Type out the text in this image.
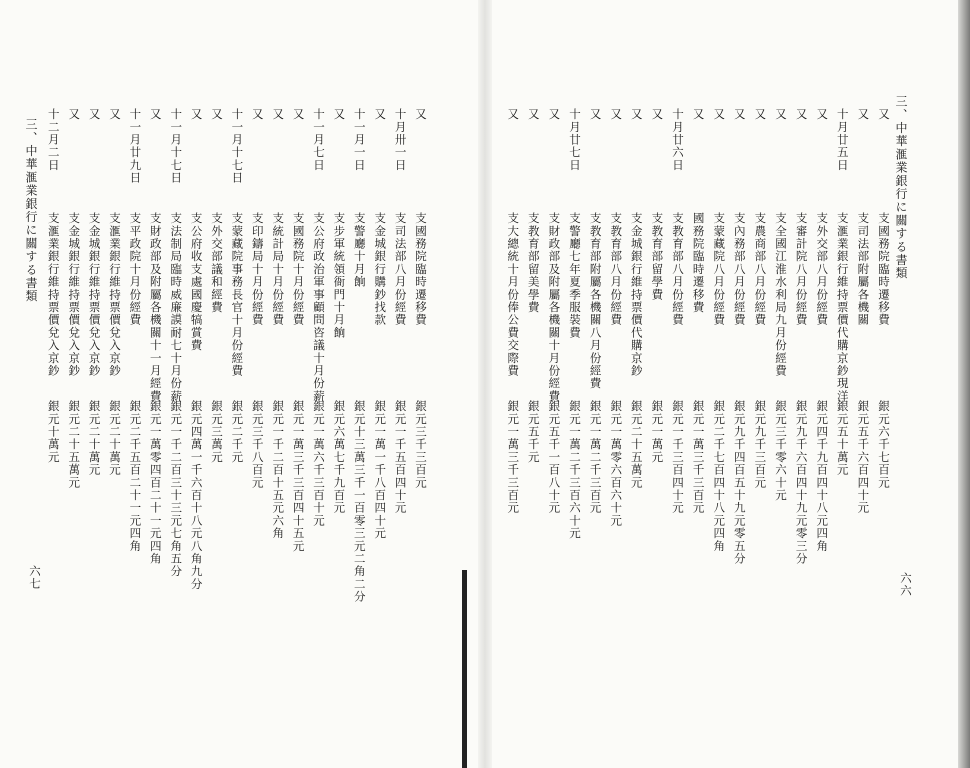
三、中華滙業銀行に關する書類
六六
又
支國務院臨時遷移費
銀元六千七百元
又
支司法部附屬各機關
銀元五千六百四十元
十月廿五日
支滙業銀行維持票價代購京鈔現洋
銀元五十萬元
又
支外交部八月份經費
銀元四千九百四十八元四角
又
支審計院八月份經費
銀元九千六百四十九元零三分
又
支全國江淮水利局九月份經費
銀元三千零六十元
又
支農商部八月份經費
銀元九千三百元
又
支內務部八月份經費
銀元九千四百五十九元零五分
又
支蒙藏院八月份經費
銀元二千七百四十八元四角
又
國務院臨時遷移費
銀元一萬三千三百元
十月廿六日
支教育部八月份經費
銀元一千三百四十元
又
支教育部留學費
銀元一萬元
又
支金城銀行維持票價代購京鈔
銀元二十五萬元
又
支教育部八月份經費
銀元一萬零六百六十元
又
支教育部附屬各機關八月份經費
銀元一萬二千三百元
十月廿七日
支警廳七年夏季服裝費
銀元一萬二千三百六十元
又
支財政部及附屬各機關十月份經費
銀元五千一百八十元
又
支教育部留美學費
銀元五千元
又
支大總統十月份俸公費交際費
銀元一萬三千三百元
三、中華滙業銀行に關する書類
六七
又
支國務院臨時遷移費
銀元三千三百元
十月卅一日
支司法部八月份經費
銀元一千五百四十元
又
支金城銀行購鈔找款
銀元一萬一千八百四十元
十一月一日
支警廳十月餉
銀元十三萬三千一百零三元二角二分
又
支步軍統領衙門十月餉
銀元六萬七千九百元
十一月七日
支公府政治軍事顧問咨議十月份薪
銀元一萬六千三百十元
又
支國務院十月份經費
銀元一萬三千三百四十五元
又
支統計局十月份經費
銀元一千二百十五元六角
又
支印鑄局十月份經費
銀元三千八百元
十一月十七日
支蒙藏院事務長官十月份經費
銀元二千元
又
支外交部議和經費
銀元三萬元
又
支公府收支處國慶犒賞費
銀元四萬一千六百十八元八角九分
十一月十七日
支法制局臨時威廉謨耐七十月份薪
銀元一千二百三十三元七角五分
又
支財政部及附屬各機關十一月經費
銀元一萬零四百二十一元四角
十一月廿九日
支平政院十月份經費
銀元二千五百二十一元四角
又
支滙業銀行維持票價兌入京鈔
銀元二十萬元
又
支金城銀行維持票價兌入京鈔
銀元二十萬元
又
支金城銀行維持票價兌入京鈔
銀元二十五萬元
十二月二日
支滙業銀行維持票價兌入京鈔
銀元十萬元
